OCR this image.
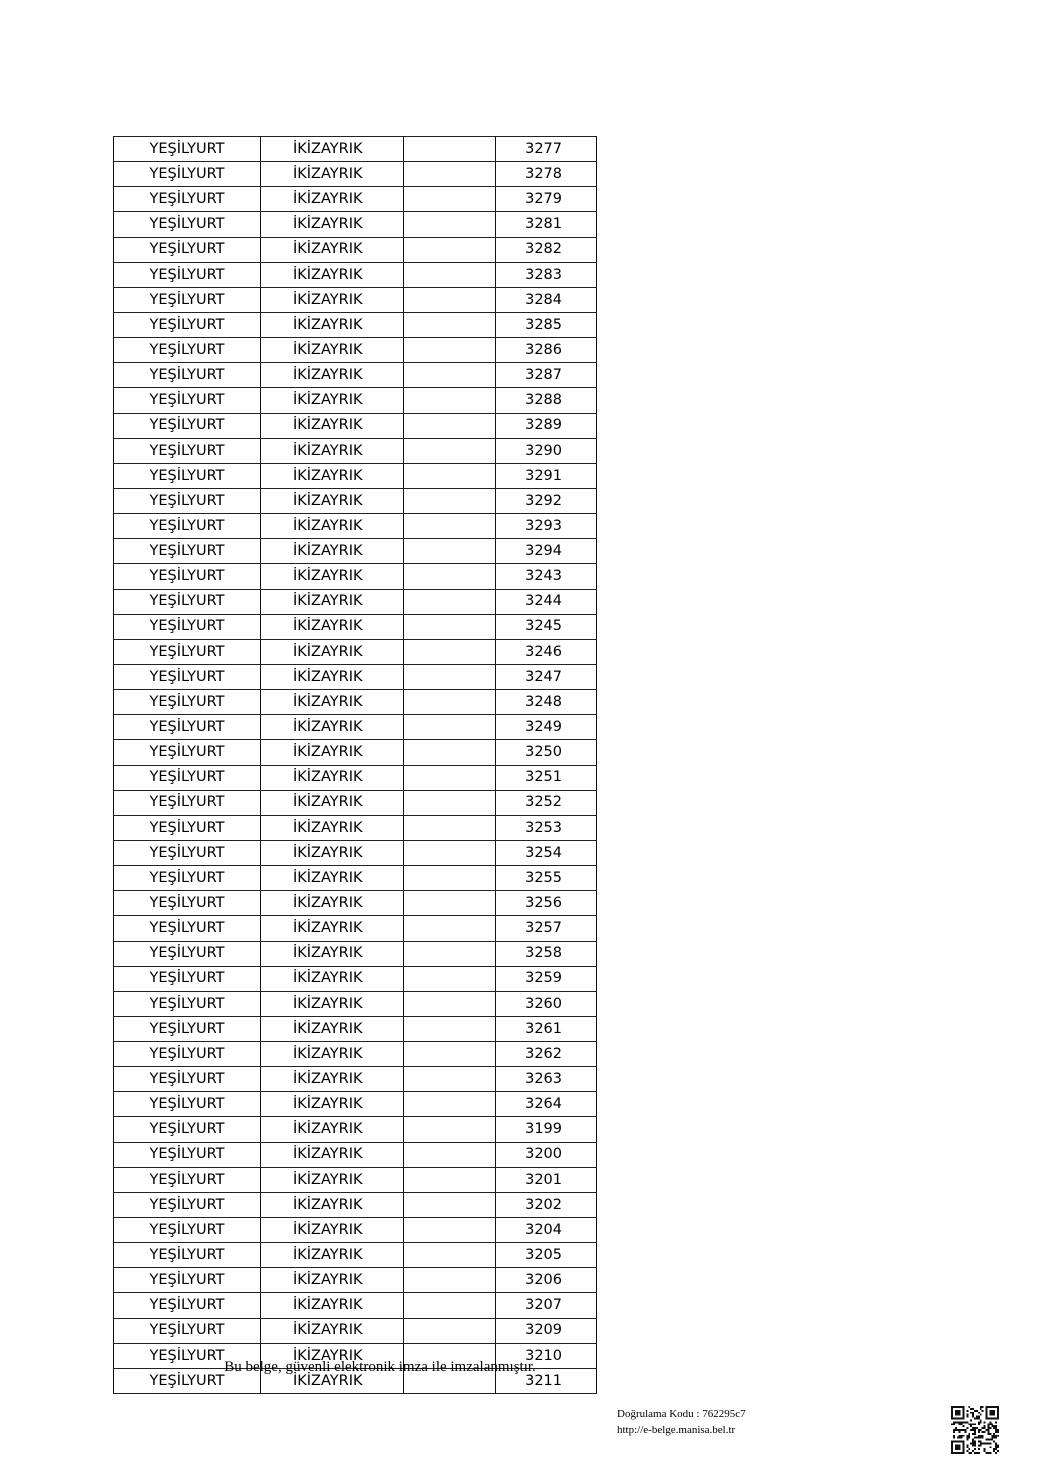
YEŞİLYURT	İKİZAYRIK		3277
YEŞİLYURT	İKİZAYRIK		3278
YEŞİLYURT	İKİZAYRIK		3279
YEŞİLYURT	İKİZAYRIK		3281
YEŞİLYURT	İKİZAYRIK		3282
YEŞİLYURT	İKİZAYRIK		3283
YEŞİLYURT	İKİZAYRIK		3284
YEŞİLYURT	İKİZAYRIK		3285
YEŞİLYURT	İKİZAYRIK		3286
YEŞİLYURT	İKİZAYRIK		3287
YEŞİLYURT	İKİZAYRIK		3288
YEŞİLYURT	İKİZAYRIK		3289
YEŞİLYURT	İKİZAYRIK		3290
YEŞİLYURT	İKİZAYRIK		3291
YEŞİLYURT	İKİZAYRIK		3292
YEŞİLYURT	İKİZAYRIK		3293
YEŞİLYURT	İKİZAYRIK		3294
YEŞİLYURT	İKİZAYRIK		3243
YEŞİLYURT	İKİZAYRIK		3244
YEŞİLYURT	İKİZAYRIK		3245
YEŞİLYURT	İKİZAYRIK		3246
YEŞİLYURT	İKİZAYRIK		3247
YEŞİLYURT	İKİZAYRIK		3248
YEŞİLYURT	İKİZAYRIK		3249
YEŞİLYURT	İKİZAYRIK		3250
YEŞİLYURT	İKİZAYRIK		3251
YEŞİLYURT	İKİZAYRIK		3252
YEŞİLYURT	İKİZAYRIK		3253
YEŞİLYURT	İKİZAYRIK		3254
YEŞİLYURT	İKİZAYRIK		3255
YEŞİLYURT	İKİZAYRIK		3256
YEŞİLYURT	İKİZAYRIK		3257
YEŞİLYURT	İKİZAYRIK		3258
YEŞİLYURT	İKİZAYRIK		3259
YEŞİLYURT	İKİZAYRIK		3260
YEŞİLYURT	İKİZAYRIK		3261
YEŞİLYURT	İKİZAYRIK		3262
YEŞİLYURT	İKİZAYRIK		3263
YEŞİLYURT	İKİZAYRIK		3264
YEŞİLYURT	İKİZAYRIK		3199
YEŞİLYURT	İKİZAYRIK		3200
YEŞİLYURT	İKİZAYRIK		3201
YEŞİLYURT	İKİZAYRIK		3202
YEŞİLYURT	İKİZAYRIK		3204
YEŞİLYURT	İKİZAYRIK		3205
YEŞİLYURT	İKİZAYRIK		3206
YEŞİLYURT	İKİZAYRIK		3207
YEŞİLYURT	İKİZAYRIK		3209
YEŞİLYURT	İKİZAYRIK		3210
YEŞİLYURT	İKİZAYRIK		3211
Bu belge, güvenli elektronik imza ile imzalanmıştır.
Doğrulama Kodu : 762295c7
http://e-belge.manisa.bel.tr
